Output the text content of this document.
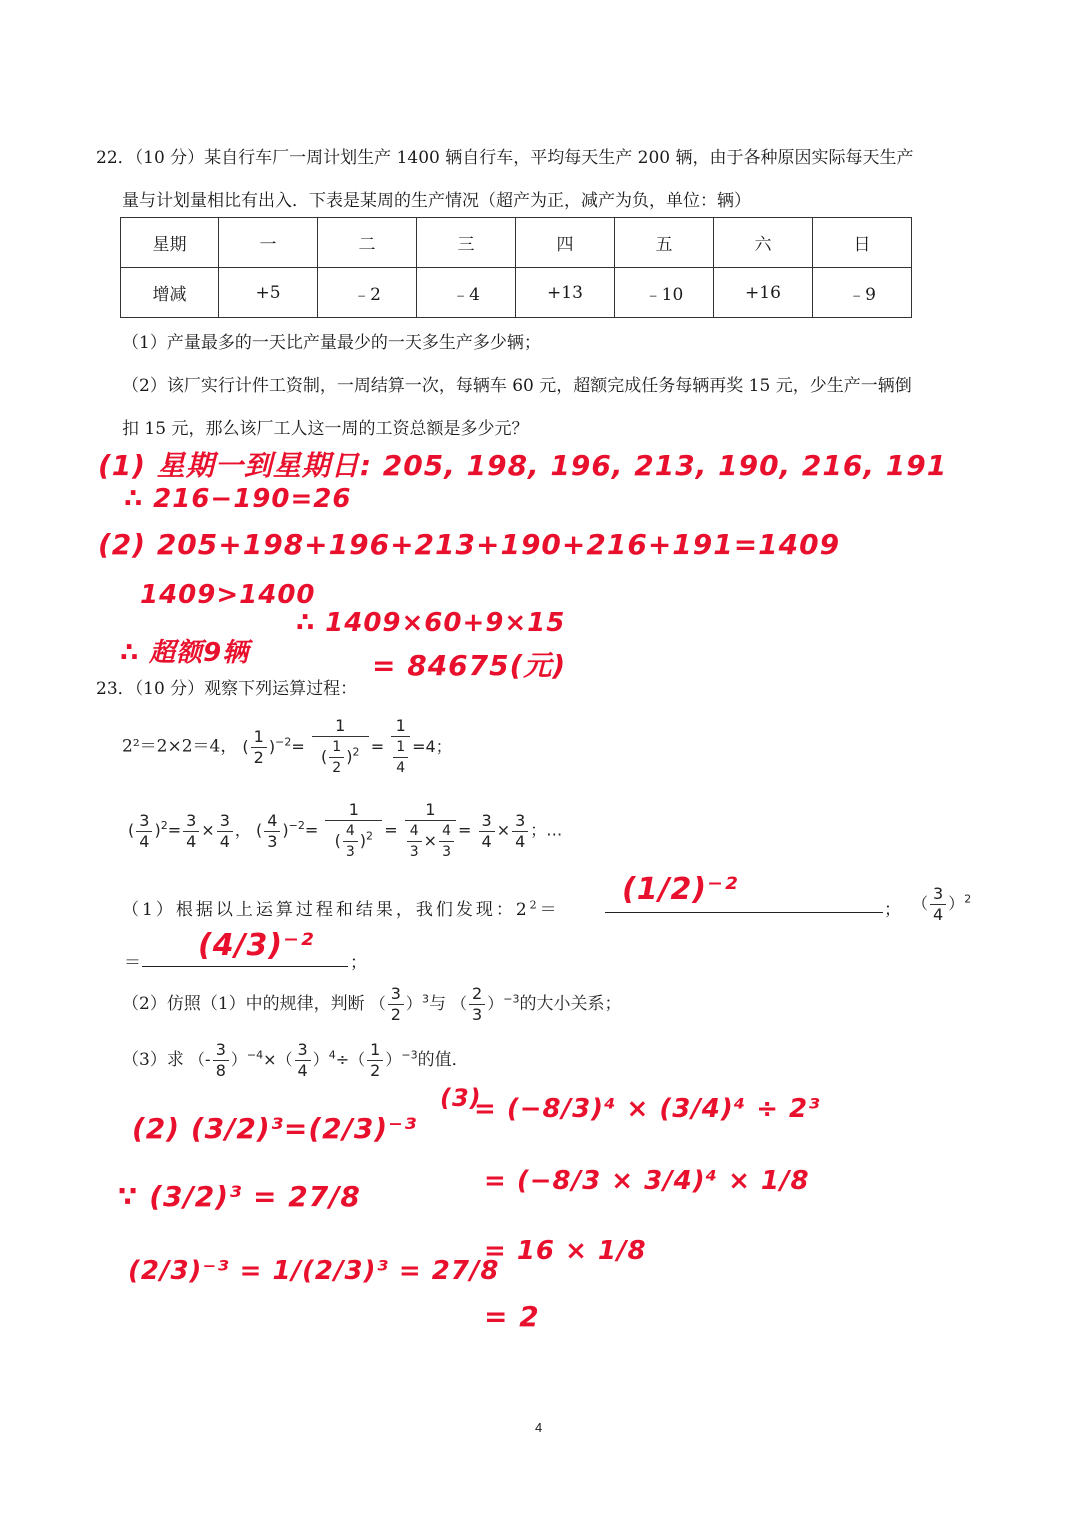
22．（10 分）某自行车厂一周计划生产 1400 辆自行车，平均每天生产 200 辆，由于各种原因实际每天生产
量与计划量相比有出入．下表是某周的生产情况（超产为正，减产为负，单位：辆）
星期	一	二	三	四	五	六	日
增减	+5	﹣2	﹣4	+13	﹣10	+16	﹣9
（1）产量最多的一天比产量最少的一天多生产多少辆；
（2）该厂实行计件工资制，一周结算一次，每辆车 60 元，超额完成任务每辆再奖 15 元，少生产一辆倒
扣 15 元，那么该厂工人这一周的工资总额是多少元？
(1) 星期一到星期日: 205, 198, 196, 213, 190, 216, 191
∴ 216−190=26
(2) 205+198+196+213+190+216+191=1409
1409>1400
∴ 超额9辆
∴ 1409×60+9×15
= 84675(元)
23．（10 分）观察下列运算过程：
2²＝2×2＝4， ( $\frac{1}{2} )^{-2}= \frac{1}{( \frac{1}{2} )^2} = \frac{1}{\frac{1}{4}} =4$；
( $\frac{3}{4} )^2= \frac{3}{4} \times \frac{3}{4}$ ， ( $\frac{4}{3} )^{-2}= \frac{1}{( \frac{4}{3} )^2} = \frac{1}{\frac{4}{3} \times \frac{4}{3}} = \frac{3}{4} \times \frac{3}{4}$ ；…
（1）根据以上运算过程和结果，我们发现：$2^2=$	； （ $\frac{3}{4} )^2$
＝	；
(1/2)⁻²
(4/3)⁻²
（2）仿照（1）中的规律，判断 （ $\frac{3}{2} )^3$与 （ $\frac{2}{3} )^{-3}$的大小关系；
（3）求 （- $\frac{3}{8} )^{-4}\times( \frac{3}{4} )^4\div( \frac{1}{2} )^{-3}$的值．
(2) (3/2)³=(2/3)⁻³
∵ (3/2)³ = 27/8
(2/3)⁻³ = 1/(2/3)³ = 27/8
(3)
= (−8/3)⁴ × (3/4)⁴ ÷ 2³
= (−8/3 × 3/4)⁴ × 1/8
= 16 × 1/8
= 2
4
